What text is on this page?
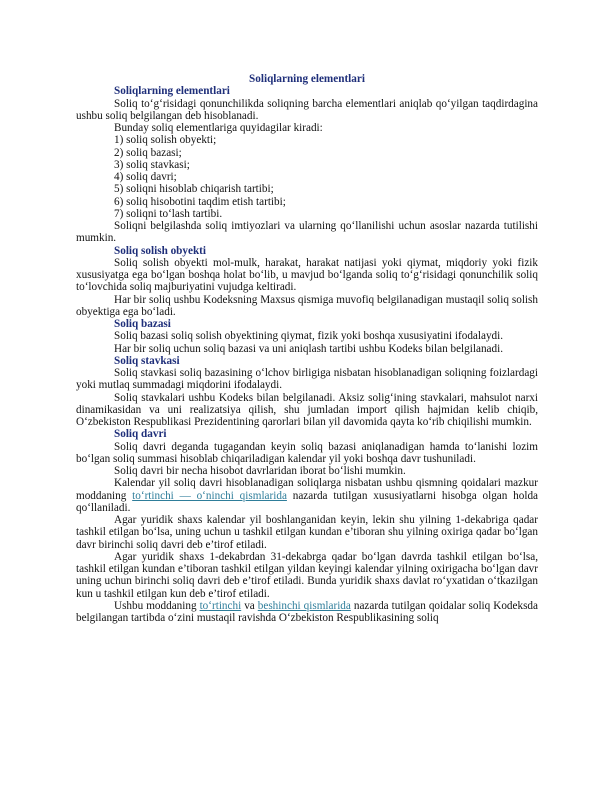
Soliqlarning elementlari

Soliqlarning elementlari

Soliq to‘g‘risidagi qonunchilikda soliqning barcha elementlari aniqlab qo‘yilgan taqdirdagina ushbu soliq belgilangan deb hisoblanadi.

Bunday soliq elementlariga quyidagilar kiradi:

1) soliq solish obyekti;

2) soliq bazasi;

3) soliq stavkasi;

4) soliq davri;

5) soliqni hisoblab chiqarish tartibi;

6) soliq hisobotini taqdim etish tartibi;

7) soliqni to‘lash tartibi.

Soliqni belgilashda soliq imtiyozlari va ularning qo‘llanilishi uchun asoslar nazarda tutilishi mumkin.

Soliq solish obyekti

Soliq solish obyekti mol-mulk, harakat, harakat natijasi yoki qiymat, miqdoriy yoki fizik xususiyatga ega bo‘lgan boshqa holat bo‘lib, u mavjud bo‘lganda soliq to‘g‘risidagi qonunchilik soliq to‘lovchida soliq majburiyatini vujudga keltiradi.

Har bir soliq ushbu Kodeksning Maxsus qismiga muvofiq belgilanadigan mustaqil soliq solish obyektiga ega bo‘ladi.

Soliq bazasi

Soliq bazasi soliq solish obyektining qiymat, fizik yoki boshqa xususiyatini ifodalaydi.

Har bir soliq uchun soliq bazasi va uni aniqlash tartibi ushbu Kodeks bilan belgilanadi.

Soliq stavkasi

Soliq stavkasi soliq bazasining o‘lchov birligiga nisbatan hisoblanadigan soliqning foizlardagi yoki mutlaq summadagi miqdorini ifodalaydi.

Soliq stavkalari ushbu Kodeks bilan belgilanadi. Aksiz solig‘ining stavkalari, mahsulot narxi dinamikasidan va uni realizatsiya qilish, shu jumladan import qilish hajmidan kelib chiqib, O‘zbekiston Respublikasi Prezidentining qarorlari bilan yil davomida qayta ko‘rib chiqilishi mumkin.

Soliq davri

Soliq davri deganda tugagandan keyin soliq bazasi aniqlanadigan hamda to‘lanishi lozim bo‘lgan soliq summasi hisoblab chiqariladigan kalendar yil yoki boshqa davr tushuniladi.

Soliq davri bir necha hisobot davrlaridan iborat bo‘lishi mumkin.

Kalendar yil soliq davri hisoblanadigan soliqlarga nisbatan ushbu qismning qoidalari mazkur moddaning to‘rtinchi — o‘ninchi qismlarida nazarda tutilgan xususiyatlarni hisobga olgan holda qo‘llaniladi.

Agar yuridik shaxs kalendar yil boshlanganidan keyin, lekin shu yilning 1-dekabriga qadar tashkil etilgan bo‘lsa, uning uchun u tashkil etilgan kundan e’tiboran shu yilning oxiriga qadar bo‘lgan davr birinchi soliq davri deb e’tirof etiladi.

Agar yuridik shaxs 1-dekabrdan 31-dekabrga qadar bo‘lgan davrda tashkil etilgan bo‘lsa, tashkil etilgan kundan e’tiboran tashkil etilgan yildan keyingi kalendar yilning oxirigacha bo‘lgan davr uning uchun birinchi soliq davri deb e’tirof etiladi. Bunda yuridik shaxs davlat ro‘yxatidan o‘tkazilgan kun u tashkil etilgan kun deb e’tirof etiladi.

Ushbu moddaning to‘rtinchi va beshinchi qismlarida nazarda tutilgan qoidalar soliq Kodeksda belgilangan tartibda o‘zini mustaqil ravishda O‘zbekiston Respublikasining soliq
